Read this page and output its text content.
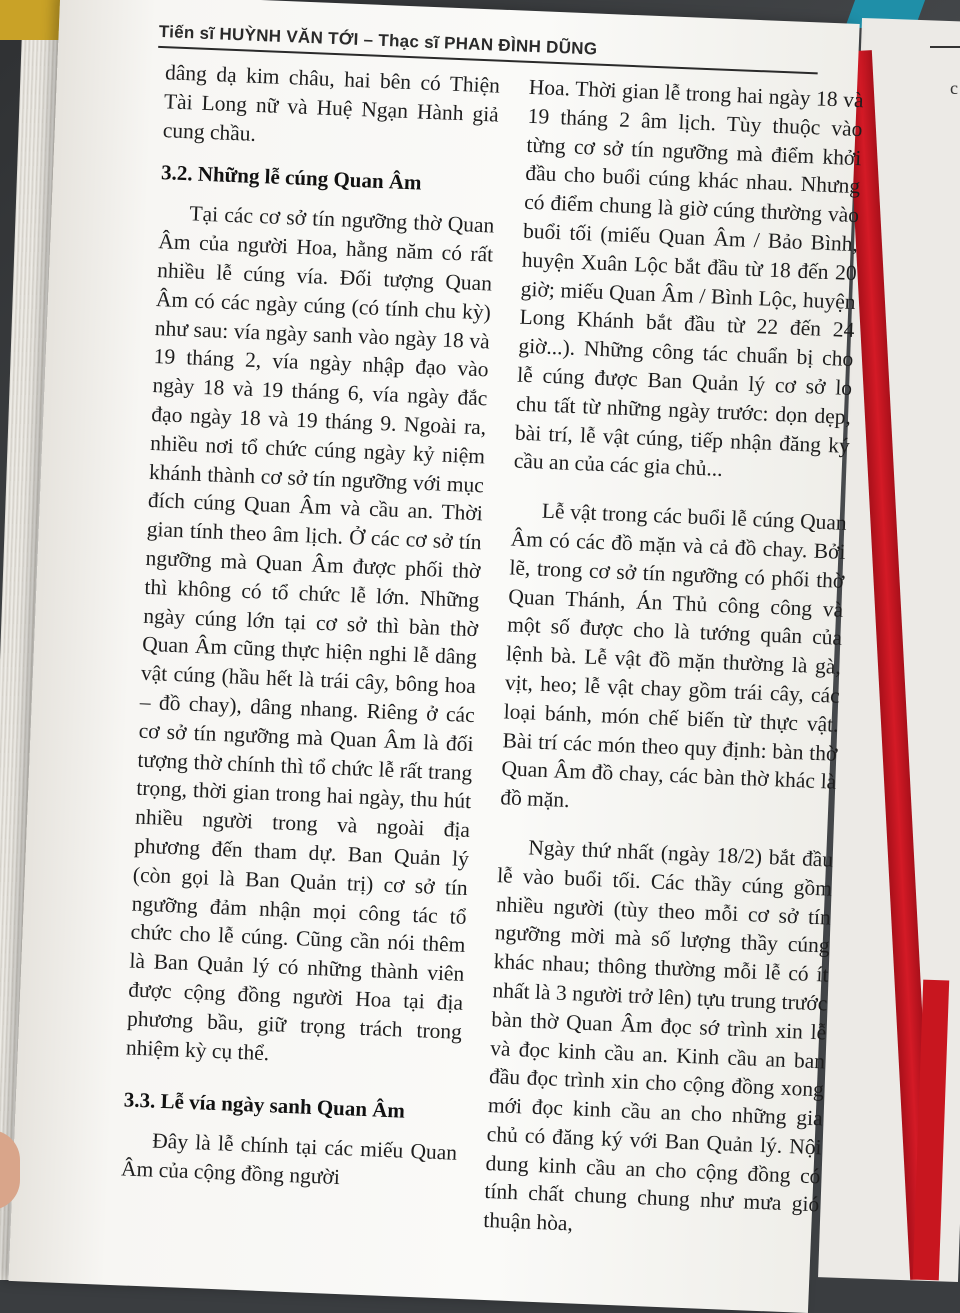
c
Tiến sĩ HUỲNH VĂN TỚI – Thạc sĩ PHAN ĐÌNH DŨNG

dâng dạ kim châu, hai bên có Thiện Tài Long nữ và Huệ Ngạn Hành giả cung chầu.

3.2. Những lễ cúng Quan Âm

Tại các cơ sở tín ngưỡng thờ Quan Âm của người Hoa, hằng năm có rất nhiều lễ cúng vía. Đối tượng Quan Âm có các ngày cúng (có tính chu kỳ) như sau: vía ngày sanh vào ngày 18 và 19 tháng 2, vía ngày nhập đạo vào ngày 18 và 19 tháng 6, vía ngày đắc đạo ngày 18 và 19 tháng 9. Ngoài ra, nhiều nơi tổ chức cúng ngày kỷ niệm khánh thành cơ sở tín ngưỡng với mục đích cúng Quan Âm và cầu an. Thời gian tính theo âm lịch. Ở các cơ sở tín ngưỡng mà Quan Âm được phối thờ thì không có tổ chức lễ lớn. Những ngày cúng lớn tại cơ sở thì bàn thờ Quan Âm cũng thực hiện nghi lễ dâng vật cúng (hầu hết là trái cây, bông hoa – đồ chay), dâng nhang. Riêng ở các cơ sở tín ngưỡng mà Quan Âm là đối tượng thờ chính thì tổ chức lễ rất trang trọng, thời gian trong hai ngày, thu hút nhiều người trong và ngoài địa phương đến tham dự. Ban Quản lý (còn gọi là Ban Quản trị) cơ sở tín ngưỡng đảm nhận mọi công tác tổ chức cho lễ cúng. Cũng cần nói thêm là Ban Quản lý có những thành viên được cộng đồng người Hoa tại địa phương bầu, giữ trọng trách trong nhiệm kỳ cụ thể.

3.3. Lễ vía ngày sanh Quan Âm

Đây là lễ chính tại các miếu Quan Âm của cộng đồng người

Hoa. Thời gian lễ trong hai ngày 18 và 19 tháng 2 âm lịch. Tùy thuộc vào từng cơ sở tín ngưỡng mà điểm khởi đầu cho buổi cúng khác nhau. Nhưng có điểm chung là giờ cúng thường vào buổi tối (miếu Quan Âm / Bảo Bình, huyện Xuân Lộc bắt đầu từ 18 đến 20 giờ; miếu Quan Âm / Bình Lộc, huyện Long Khánh bắt đầu từ 22 đến 24 giờ...). Những công tác chuẩn bị cho lễ cúng được Ban Quản lý cơ sở lo chu tất từ những ngày trước: dọn dẹp, bài trí, lễ vật cúng, tiếp nhận đăng ký cầu an của các gia chủ...

Lễ vật trong các buổi lễ cúng Quan Âm có các đồ mặn và cả đồ chay. Bởi lẽ, trong cơ sở tín ngưỡng có phối thờ Quan Thánh, Án Thủ công công và một số được cho là tướng quân của lệnh bà. Lễ vật đồ mặn thường là gà, vịt, heo; lễ vật chay gồm trái cây, các loại bánh, món chế biến từ thực vật. Bài trí các món theo quy định: bàn thờ Quan Âm đồ chay, các bàn thờ khác là đồ mặn.

Ngày thứ nhất (ngày 18/2) bắt đầu lễ vào buổi tối. Các thầy cúng gồm nhiều người (tùy theo mỗi cơ sở tín ngưỡng mời mà số lượng thầy cúng khác nhau; thông thường mỗi lễ có ít nhất là 3 người trở lên) tựu trung trước bàn thờ Quan Âm đọc sớ trình xin lễ và đọc kinh cầu an. Kinh cầu an ban đầu đọc trình xin cho cộng đồng xong mới đọc kinh cầu an cho những gia chủ có đăng ký với Ban Quản lý. Nội dung kinh cầu an cho cộng đồng có tính chất chung chung như mưa gió thuận hòa,
